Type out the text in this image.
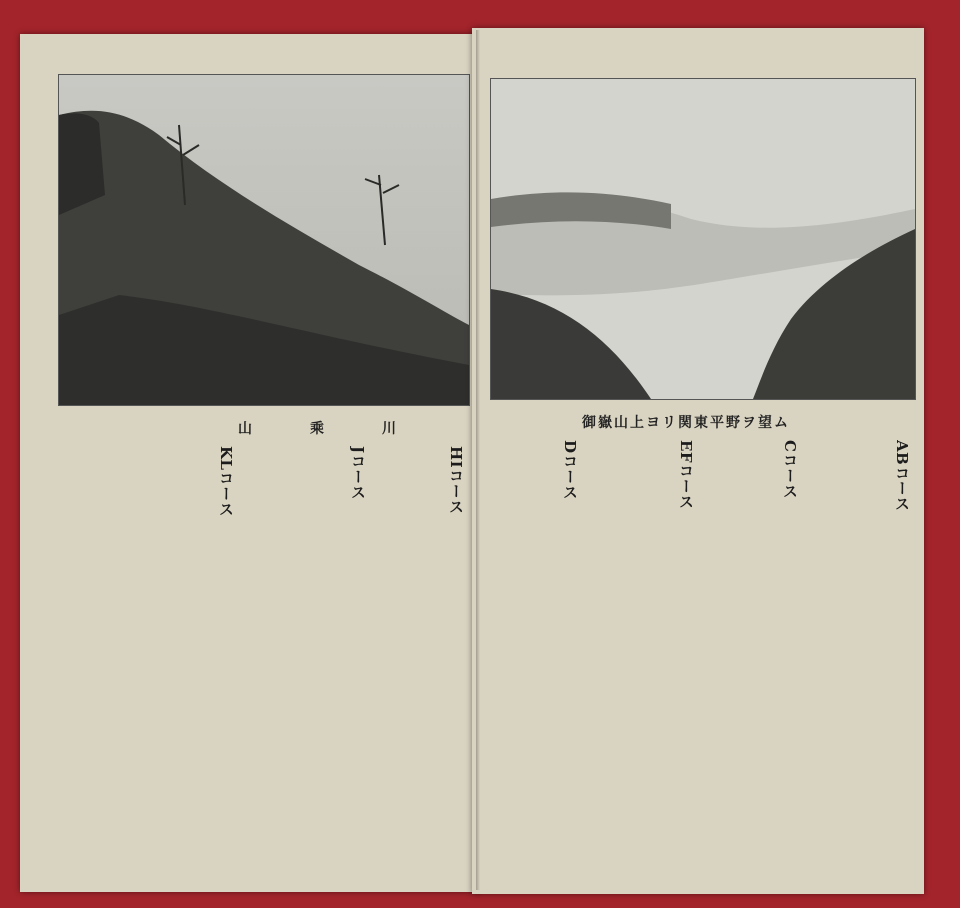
山	乘	川
HIコース
Jコース
KLコース
御嶽山上ヨリ関東平野ヲ望ム
ABコース
Cコース
EFコース
Dコース
